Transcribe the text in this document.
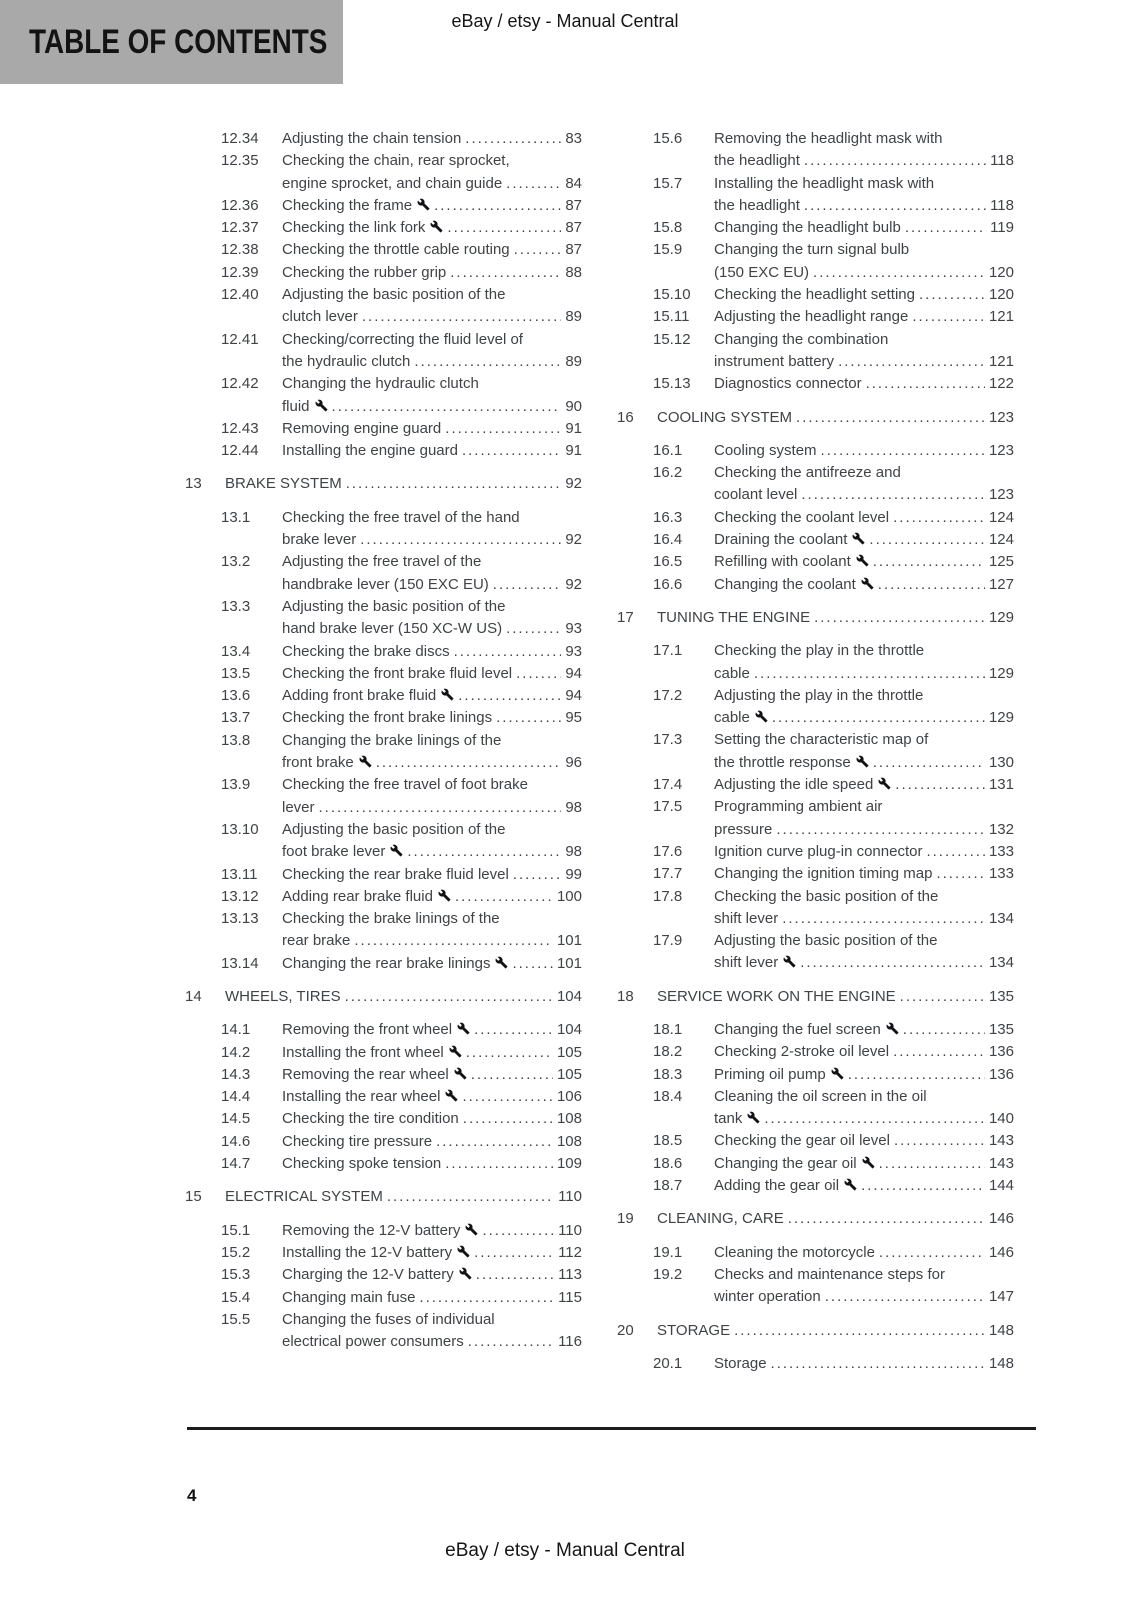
TABLE OF CONTENTS
eBay / etsy - Manual Central
12.34	Adjusting the chain tension .....	83
12.35	Checking the chain, rear sprocket,
engine sprocket, and chain guide .....	84
12.36	Checking the frame .....	87
12.37	Checking the link fork .....	87
12.38	Checking the throttle cable routing .....	87
12.39	Checking the rubber grip .....	88
12.40	Adjusting the basic position of the
clutch lever .....	89
12.41	Checking/correcting the fluid level of
the hydraulic clutch .....	89
12.42	Changing the hydraulic clutch
fluid .....	90
12.43	Removing engine guard .....	91
12.44	Installing the engine guard .....	91
13	BRAKE SYSTEM .....	92
13.1	Checking the free travel of the hand
brake lever .....	92
13.2	Adjusting the free travel of the
handbrake lever (150 EXC EU) .....	92
13.3	Adjusting the basic position of the
hand brake lever (150 XC-W US) .....	93
13.4	Checking the brake discs .....	93
13.5	Checking the front brake fluid level .....	94
13.6	Adding front brake fluid .....	94
13.7	Checking the front brake linings .....	95
13.8	Changing the brake linings of the
front brake .....	96
13.9	Checking the free travel of foot brake
lever .....	98
13.10	Adjusting the basic position of the
foot brake lever .....	98
13.11	Checking the rear brake fluid level .....	99
13.12	Adding rear brake fluid .....	100
13.13	Checking the brake linings of the
rear brake .....	101
13.14	Changing the rear brake linings .....	101
14	WHEELS, TIRES .....	104
14.1	Removing the front wheel .....	104
14.2	Installing the front wheel .....	105
14.3	Removing the rear wheel .....	105
14.4	Installing the rear wheel .....	106
14.5	Checking the tire condition .....	108
14.6	Checking tire pressure .....	108
14.7	Checking spoke tension .....	109
15	ELECTRICAL SYSTEM .....	110
15.1	Removing the 12-V battery .....	110
15.2	Installing the 12-V battery .....	112
15.3	Charging the 12-V battery .....	113
15.4	Changing main fuse .....	115
15.5	Changing the fuses of individual
electrical power consumers .....	116
15.6	Removing the headlight mask with
the headlight .....	118
15.7	Installing the headlight mask with
the headlight .....	118
15.8	Changing the headlight bulb .....	119
15.9	Changing the turn signal bulb
(150 EXC EU) .....	120
15.10	Checking the headlight setting .....	120
15.11	Adjusting the headlight range .....	121
15.12	Changing the combination
instrument battery .....	121
15.13	Diagnostics connector .....	122
16	COOLING SYSTEM .....	123
16.1	Cooling system .....	123
16.2	Checking the antifreeze and
coolant level .....	123
16.3	Checking the coolant level .....	124
16.4	Draining the coolant .....	124
16.5	Refilling with coolant .....	125
16.6	Changing the coolant .....	127
17	TUNING THE ENGINE .....	129
17.1	Checking the play in the throttle
cable .....	129
17.2	Adjusting the play in the throttle
cable .....	129
17.3	Setting the characteristic map of
the throttle response .....	130
17.4	Adjusting the idle speed .....	131
17.5	Programming ambient air
pressure .....	132
17.6	Ignition curve plug-in connector .....	133
17.7	Changing the ignition timing map .....	133
17.8	Checking the basic position of the
shift lever .....	134
17.9	Adjusting the basic position of the
shift lever .....	134
18	SERVICE WORK ON THE ENGINE .....	135
18.1	Changing the fuel screen .....	135
18.2	Checking 2-stroke oil level .....	136
18.3	Priming oil pump .....	136
18.4	Cleaning the oil screen in the oil
tank .....	140
18.5	Checking the gear oil level .....	143
18.6	Changing the gear oil .....	143
18.7	Adding the gear oil .....	144
19	CLEANING, CARE .....	146
19.1	Cleaning the motorcycle .....	146
19.2	Checks and maintenance steps for
winter operation .....	147
20	STORAGE .....	148
20.1	Storage .....	148
4
eBay / etsy - Manual Central
